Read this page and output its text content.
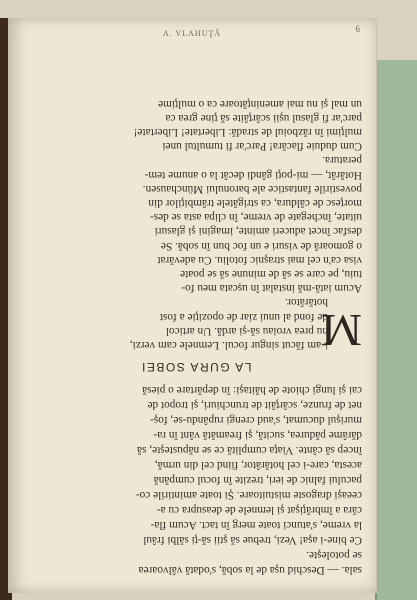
A. VLAHUŢĂ	6
sala. — Deschid uşa de la sobă, s'odată vâlvoarea
se potoleşte.
Ce bine-i aşa! Vezi, trebue să ştii să-ţi sălbi frâul
la vreme, s'atunci toate merg în tact. Acum fla-
căra a îmbrăţişat şi lemnele de deasupra cu a-
ceeaşi dragoste mistuitoare. Şi toate amintirile co-
pacului falnic de ieri, trezite în focul cumpănă
acesta, care-i cel hotărâtor, fiind cel din urmă,
încep să cânte. Viaţa cumplită ce se năpusteşte, să
dărâme pădurea, sucită, şi freamătă vânt în ra-
murişul ducumat, s'aud crengi rupându-se, foş-
net de frunze, scârţâit de trunchiuri, şi tropot de
cai şi lungi chiote de hăitaşi: în depărtare o piesă
LA GURA SOBEI
M
i-am făcut singur focul. Lemnele cam verzi,
nu prea vroiau să-şi ardă. Un articol
de fond al unui ziar de opoziţie a fost
hotărâtor.
Acum iată-mă instalat în ușcata meu fo-
tuiu, pe care se să de minune să se poate
visa ca'n cel mai straşnic fotoliu. Cu adevărat
o gomoară de visuri e un foc bun în sobă. Se
desfac încet aduceri aminte, imagini şi glasuri
uitate, închegate de vreme, în clipa asta se des-
morţesc de căldura, ca strigătele trâmbiţilor din
povestirile fantastice ale baronului Münchausen.
Hotărât, — mi-poţi gândi decât la o anume tem-
peratura.
Cum duduie flacăra! Parc'ar fi tumultul unei
mulţimi în războiul de stradă: Libertate! Libertate!
parc'ar fi glasul uşii scârţâite să ţine grea ca
un mal şi nu mai ameninţătoare ca o mulţime
